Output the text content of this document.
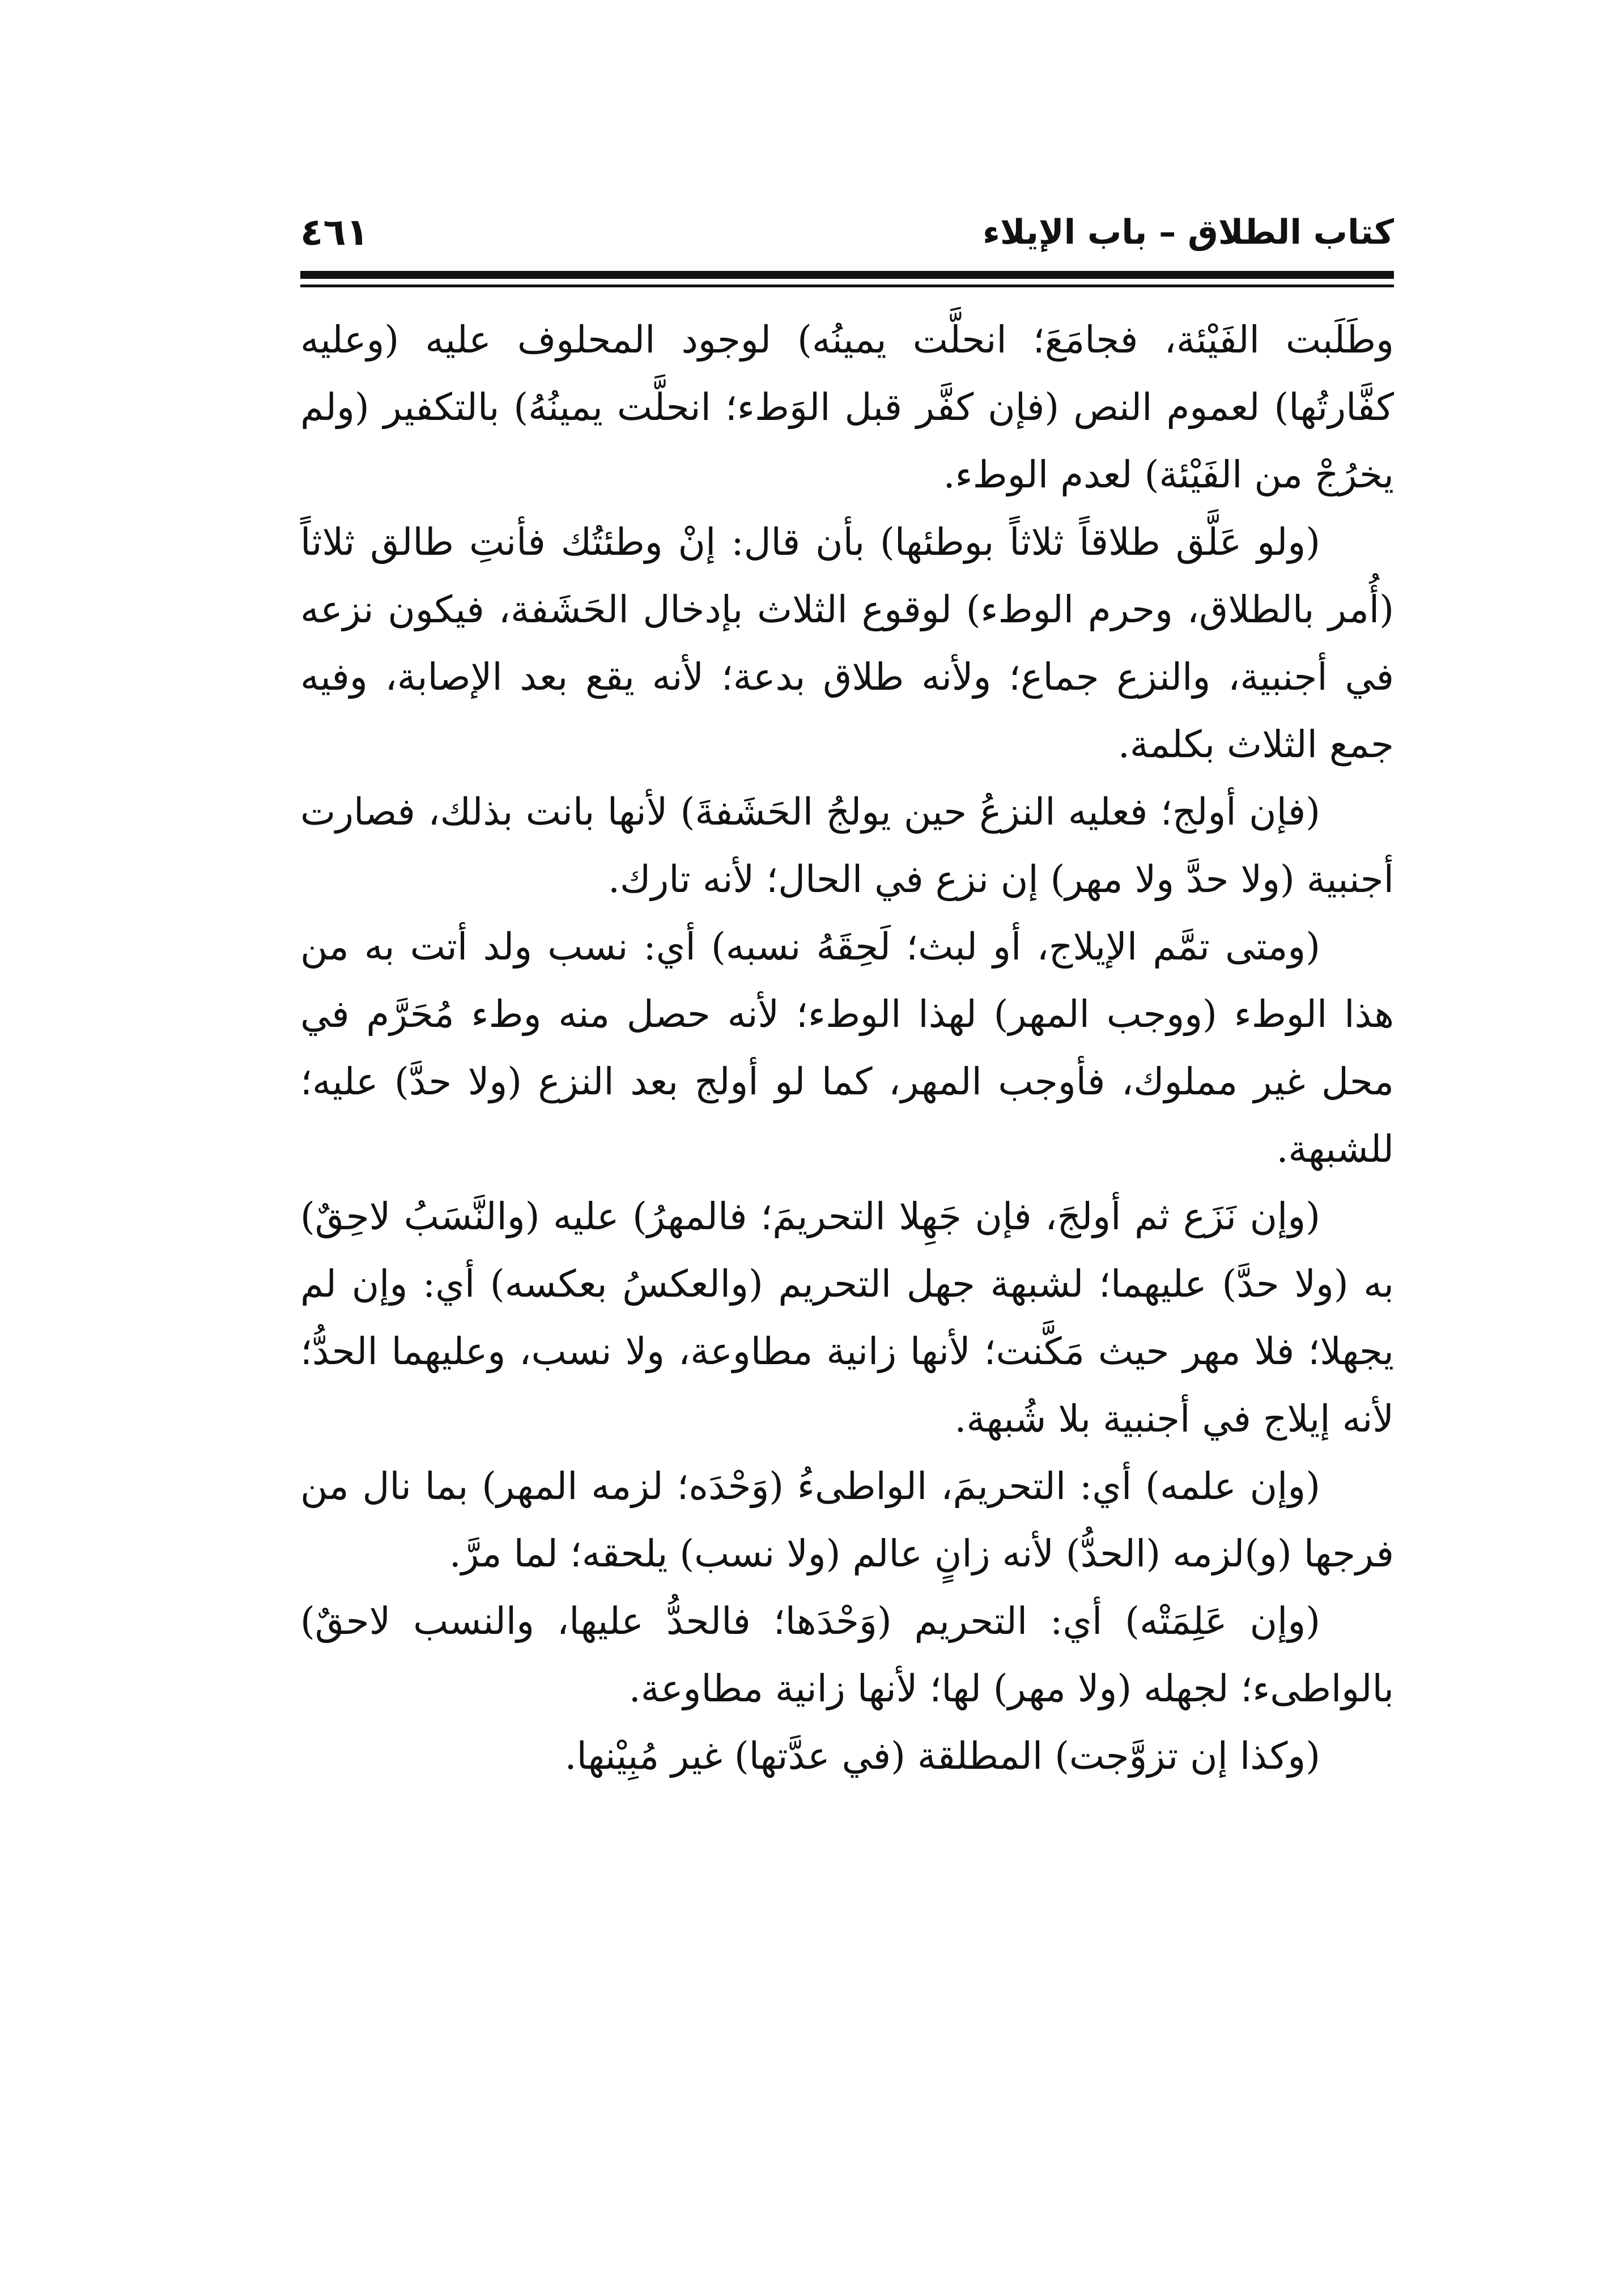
٤٦١	كتاب الطلاق – باب الإيلاء

وطَلَبت الفَيْئة، فجامَعَ؛ انحلَّت يمينُه) لوجود المحلوف عليه (وعليه كفَّارتُها) لعموم النص (فإن كفَّر قبل الوَطء؛ انحلَّت يمينُهُ) بالتكفير (ولم يخرُجْ من الفَيْئة) لعدم الوطء.

(ولو عَلَّق طلاقاً ثلاثاً بوطئها) بأن قال: إنْ وطئتُك فأنتِ طالق ثلاثاً (أُمر بالطلاق، وحرم الوطء) لوقوع الثلاث بإدخال الحَشَفة، فيكون نزعه في أجنبية، والنزع جماع؛ ولأنه طلاق بدعة؛ لأنه يقع بعد الإصابة، وفيه جمع الثلاث بكلمة.

(فإن أولج؛ فعليه النزعُ حين يولجُ الحَشَفةَ) لأنها بانت بذلك، فصارت أجنبية (ولا حدَّ ولا مهر) إن نزع في الحال؛ لأنه تارك.

(ومتى تمَّم الإيلاج، أو لبث؛ لَحِقَهُ نسبه) أي: نسب ولد أتت به من هذا الوطء (ووجب المهر) لهذا الوطء؛ لأنه حصل منه وطء مُحَرَّم في محل غير مملوك، فأوجب المهر، كما لو أولج بعد النزع (ولا حدَّ) عليه؛ للشبهة.

(وإن نَزَع ثم أولجَ، فإن جَهِلا التحريمَ؛ فالمهرُ) عليه (والنَّسَبُ لاحِقٌ) به (ولا حدَّ) عليهما؛ لشبهة جهل التحريم (والعكسُ بعكسه) أي: وإن لم يجهلا؛ فلا مهر حيث مَكَّنت؛ لأنها زانية مطاوعة، ولا نسب، وعليهما الحدُّ؛ لأنه إيلاج في أجنبية بلا شُبهة.

(وإن علمه) أي: التحريمَ، الواطىءُ (وَحْدَه؛ لزمه المهر) بما نال من فرجها (و)لزمه (الحدُّ) لأنه زانٍ عالم (ولا نسب) يلحقه؛ لما مرَّ.

(وإن عَلِمَتْه) أي: التحريم (وَحْدَها؛ فالحدُّ عليها، والنسب لاحقٌ) بالواطىء؛ لجهله (ولا مهر) لها؛ لأنها زانية مطاوعة.

(وكذا إن تزوَّجت) المطلقة (في عدَّتها) غير مُبِيْنها.
